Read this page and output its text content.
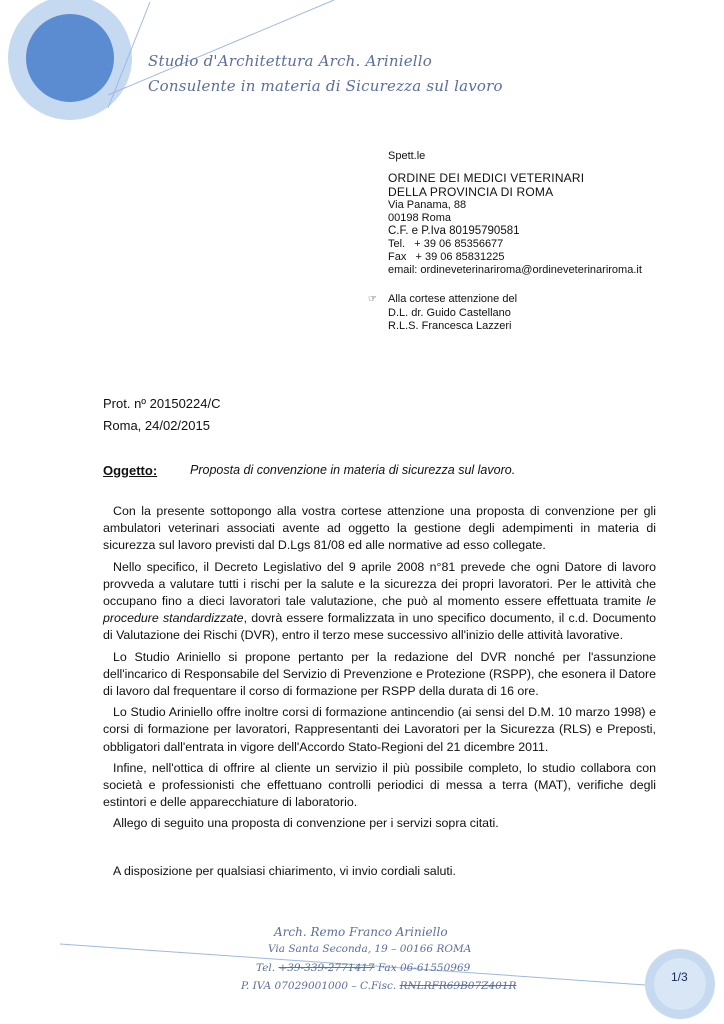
Studio d'Architettura Arch. Ariniello
Consulente in materia di Sicurezza sul lavoro
Spett.le
ORDINE DEI MEDICI VETERINARI
DELLA PROVINCIA DI ROMA
Via Panama, 88
00198 Roma
C.F. e P.Iva 80195790581
Tel.   + 39 06 85356677
Fax   + 39 06 85831225
email: ordineveterinariroma@ordineveterinariroma.it
☞ Alla cortese attenzione del
D.L. dr. Guido Castellano
R.L.S. Francesca Lazzeri
Prot. nº 20150224/C
Roma, 24/02/2015
Oggetto:	Proposta di convenzione in materia di sicurezza sul lavoro.

Con la presente sottopongo alla vostra cortese attenzione una proposta di convenzione per gli ambulatori veterinari associati avente ad oggetto la gestione degli adempimenti in materia di sicurezza sul lavoro previsti dal D.Lgs 81/08 ed alle normative ad esso collegate.

Nello specifico, il Decreto Legislativo del 9 aprile 2008 n°81 prevede che ogni Datore di lavoro provveda a valutare tutti i rischi per la salute e la sicurezza dei propri lavoratori. Per le attività che occupano fino a dieci lavoratori tale valutazione, che può al momento essere effettuata tramite le procedure standardizzate, dovrà essere formalizzata in uno specifico documento, il c.d. Documento di Valutazione dei Rischi (DVR), entro il terzo mese successivo all'inizio delle attività lavorative.

Lo Studio Ariniello si propone pertanto per la redazione del DVR nonché per l'assunzione dell'incarico di Responsabile del Servizio di Prevenzione e Protezione (RSPP), che esonera il Datore di lavoro dal frequentare il corso di formazione per RSPP della durata di 16 ore.

Lo Studio Ariniello offre inoltre corsi di formazione antincendio (ai sensi del D.M. 10 marzo 1998) e corsi di formazione per lavoratori, Rappresentanti dei Lavoratori per la Sicurezza (RLS) e Preposti, obbligatori dall'entrata in vigore dell'Accordo Stato-Regioni del 21 dicembre 2011.

Infine, nell'ottica di offrire al cliente un servizio il più possibile completo, lo studio collabora con società e professionisti che effettuano controlli periodici di messa a terra (MAT), verifiche degli estintori e delle apparecchiature di laboratorio.

Allego di seguito una proposta di convenzione per i servizi sopra citati.

A disposizione per qualsiasi chiarimento, vi invio cordiali saluti.
Arch. Remo Franco Ariniello
Via Santa Seconda, 19 – 00166 ROMA
Tel. +39-339-2771417 Fax 06-61550969
P. IVA 07029001000 – C.Fisc. RNLRFR69B07Z401R
1/3
